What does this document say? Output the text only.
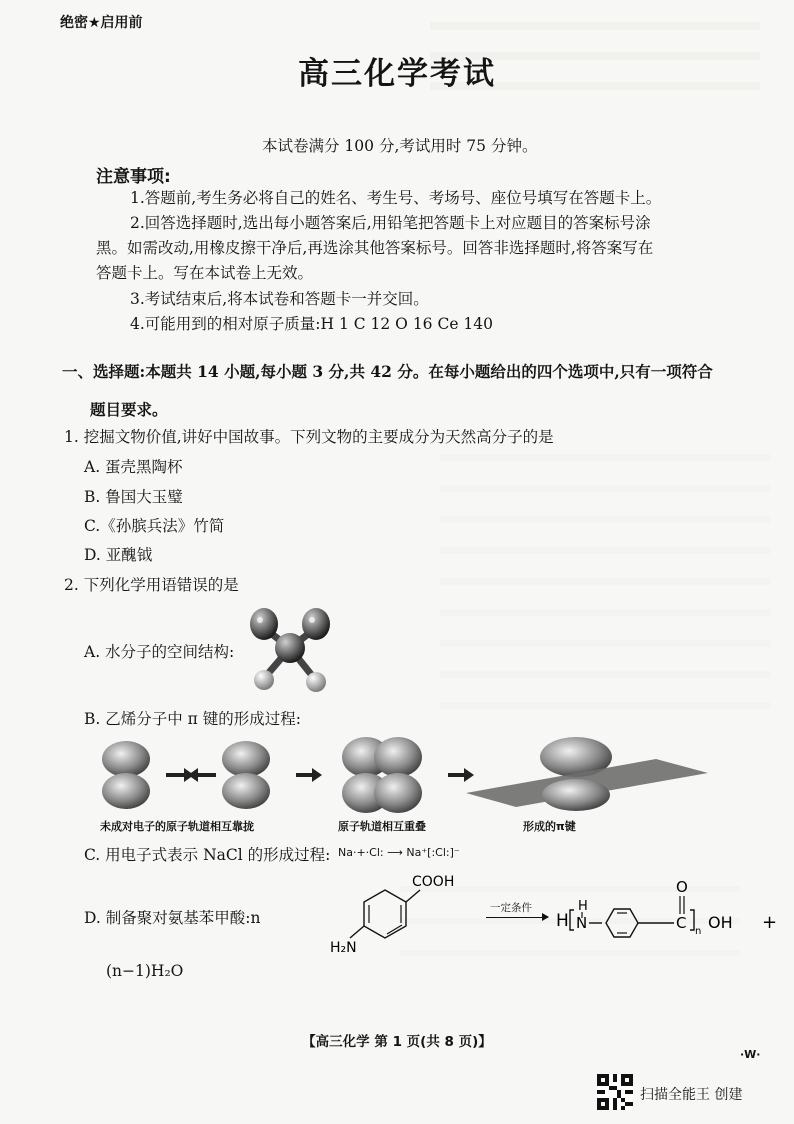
绝密★启用前
高三化学考试
本试卷满分 100 分,考试用时 75 分钟。
注意事项:
1.答题前,考生务必将自己的姓名、考生号、考场号、座位号填写在答题卡上。
2.回答选择题时,选出每小题答案后,用铅笔把答题卡上对应题目的答案标号涂
黑。如需改动,用橡皮擦干净后,再选涂其他答案标号。回答非选择题时,将答案写在
答题卡上。写在本试卷上无效。
3.考试结束后,将本试卷和答题卡一并交回。
4.可能用到的相对原子质量:H 1 C 12 O 16 Ce 140
一、选择题:本题共 14 小题,每小题 3 分,共 42 分。在每小题给出的四个选项中,只有一项符合
题目要求。
1. 挖掘文物价值,讲好中国故事。下列文物的主要成分为天然高分子的是
A. 蛋壳黑陶杯
B. 鲁国大玉璧
C.《孙膑兵法》竹简
D. 亚醜钺
2. 下列化学用语错误的是
A. 水分子的空间结构:
B. 乙烯分子中 π 键的形成过程:
未成对电子的原子轨道相互靠拢	原子轨道相互重叠	形成的π键
C. 用电子式表示 NaCl 的形成过程: Na·+·Cl: ⟶ Na⁺[:Cl:]⁻
D. 制备聚对氨基苯甲酸:n
COOH
H₂N
一定条件
H
H
N	C
O
n OH +
(n−1)H₂O
【高三化学 第 1 页(共 8 页)】
·W·
扫描全能王 创建
